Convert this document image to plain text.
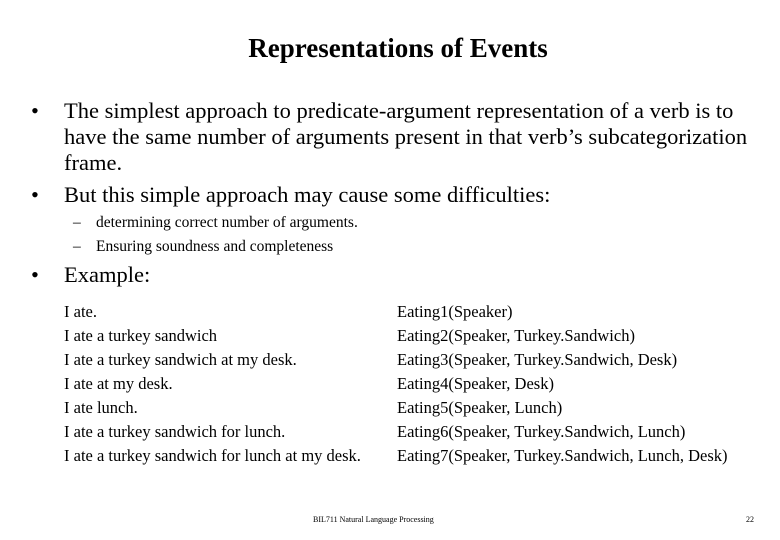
Representations of Events
•	The simplest approach to predicate-argument representation of a verb is to have the same number of arguments present in that verb’s subcategorization frame.
•	But this simple approach may cause some difficulties:
– determining correct number of arguments.
– Ensuring soundness and completeness
•	Example:
I ate.	Eating1(Speaker)
I ate a turkey sandwich	Eating2(Speaker, Turkey.Sandwich)
I ate a turkey sandwich at my desk.	Eating3(Speaker, Turkey.Sandwich, Desk)
I ate at my desk.	Eating4(Speaker, Desk)
I ate lunch.	Eating5(Speaker, Lunch)
I ate a turkey sandwich for lunch.	Eating6(Speaker, Turkey.Sandwich, Lunch)
I ate a turkey sandwich for lunch at my desk.	Eating7(Speaker, Turkey.Sandwich, Lunch, Desk)
BIL711 Natural Language Processing	22
